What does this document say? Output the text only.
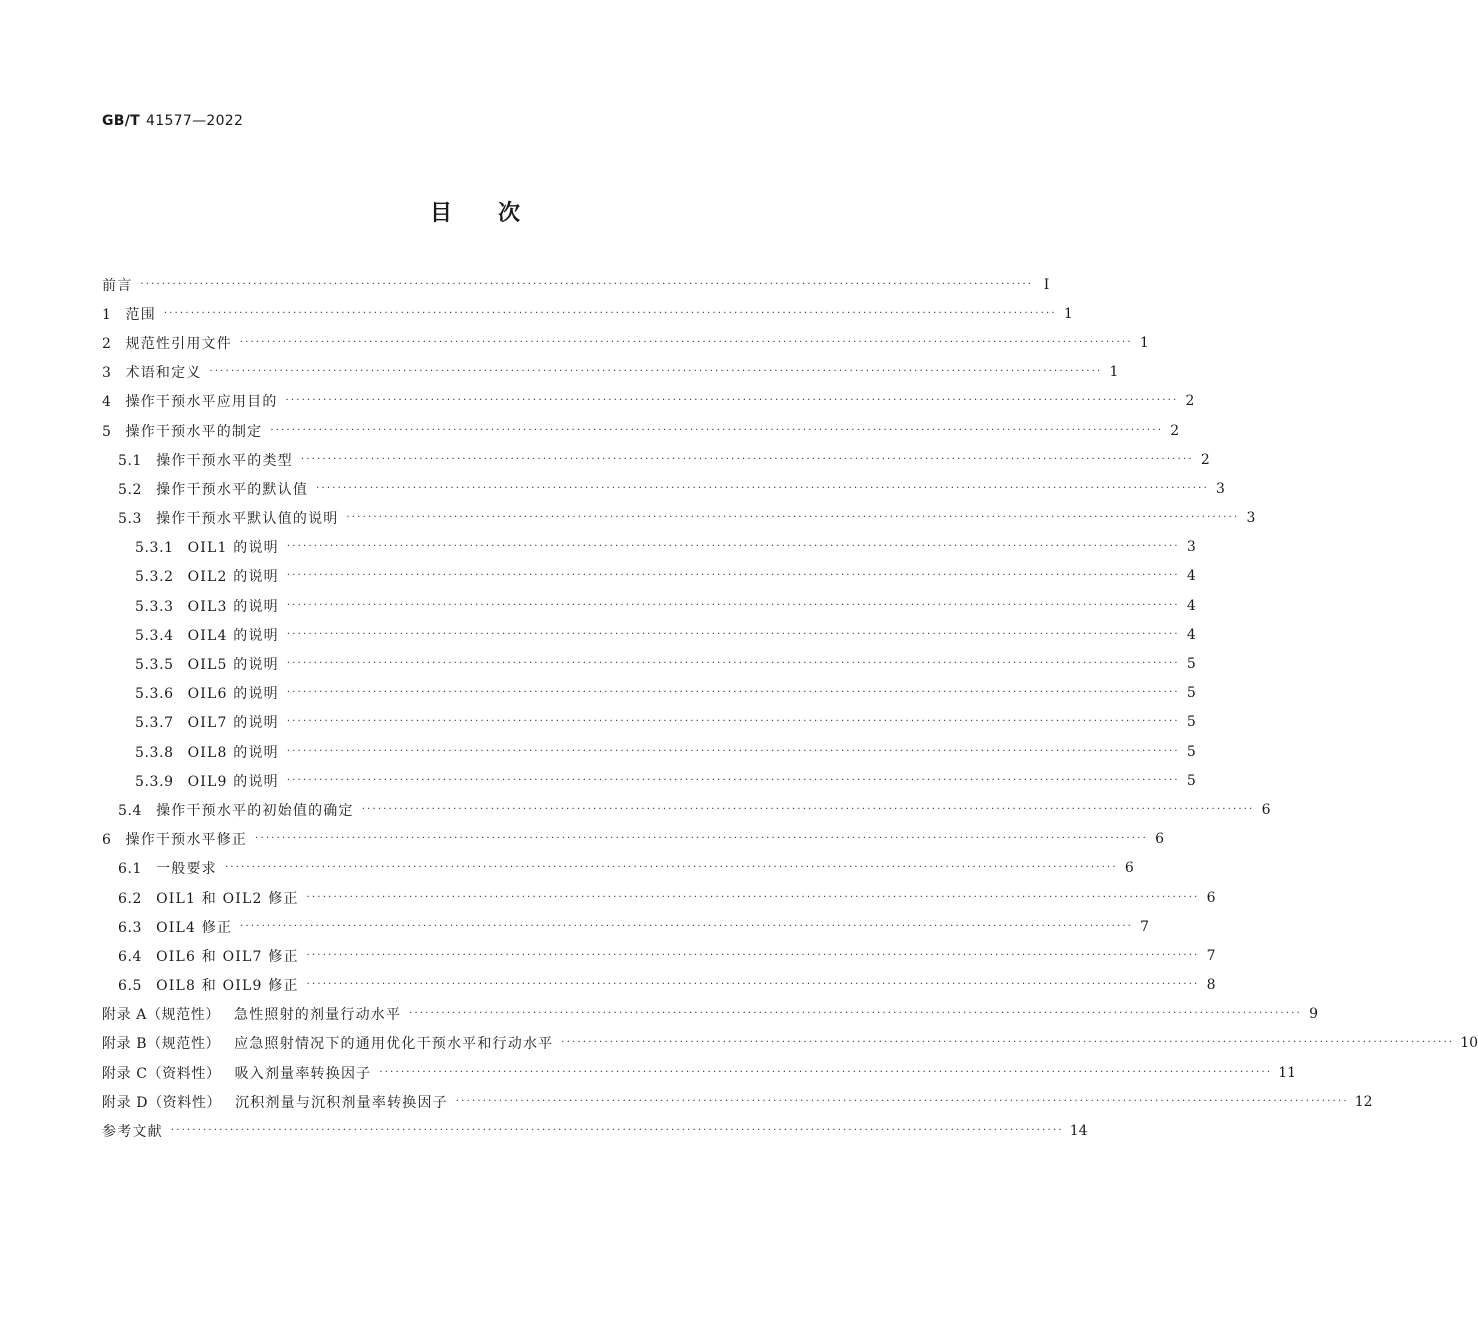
GB/T 41577—2022
目次
前言 ······································································································································································ Ⅰ
1 范围 ······································································································································································ 1
2 规范性引用文件 ······································································································································································ 1
3 术语和定义 ······································································································································································ 1
4 操作干预水平应用目的 ······································································································································································ 2
5 操作干预水平的制定 ······································································································································································ 2
5.1 操作干预水平的类型 ······································································································································································ 2
5.2 操作干预水平的默认值 ······································································································································································ 3
5.3 操作干预水平默认值的说明 ······································································································································································ 3
5.3.1 OIL1 的说明 ······································································································································································ 3
5.3.2 OIL2 的说明 ······································································································································································ 4
5.3.3 OIL3 的说明 ······································································································································································ 4
5.3.4 OIL4 的说明 ······································································································································································ 4
5.3.5 OIL5 的说明 ······································································································································································ 5
5.3.6 OIL6 的说明 ······································································································································································ 5
5.3.7 OIL7 的说明 ······································································································································································ 5
5.3.8 OIL8 的说明 ······································································································································································ 5
5.3.9 OIL9 的说明 ······································································································································································ 5
5.4 操作干预水平的初始值的确定 ······································································································································································ 6
6 操作干预水平修正 ······································································································································································ 6
6.1 一般要求 ······································································································································································ 6
6.2 OIL1 和 OIL2 修正 ······································································································································································ 6
6.3 OIL4 修正 ······································································································································································ 7
6.4 OIL6 和 OIL7 修正 ······································································································································································ 7
6.5 OIL8 和 OIL9 修正 ······································································································································································ 8
附录 A（规范性） 急性照射的剂量行动水平 ······································································································································································ 9
附录 B（规范性） 应急照射情况下的通用优化干预水平和行动水平 ······································································································································································ 10
附录 C（资料性） 吸入剂量率转换因子 ······································································································································································ 11
附录 D（资料性） 沉积剂量与沉积剂量率转换因子 ······································································································································································ 12
参考文献 ······································································································································································ 14
